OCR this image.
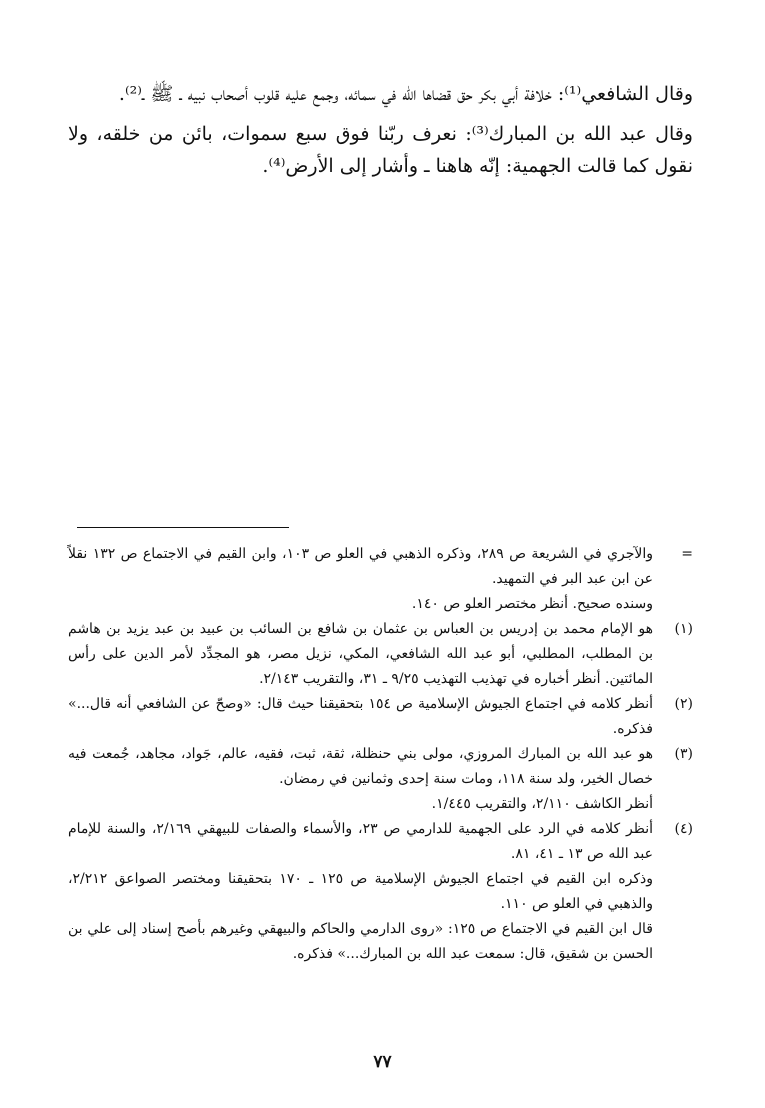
وقال الشافعي⁽¹⁾: خلافة أبي بكر حق قضاها الله في سمائه، وجمع عليه قلوب أصحاب نبيه ـ ﷺ ـ⁽²⁾.

وقال عبد الله بن المبارك⁽³⁾: نعرف ربّنا فوق سبع سموات، بائن من خلقه، ولا نقول كما قالت الجهمية: إنّه هاهنا ـ وأشار إلى الأرض⁽⁴⁾.

=
والآجري في الشريعة ص ٢٨٩، وذكره الذهبي في العلو ص ١٠٣، وابن القيم في الاجتماع ص ١٣٢ نقلاً عن ابن عبد البر في التمهيد.
وسنده صحيح. أنظر مختصر العلو ص ١٤٠.
(١)
هو الإمام محمد بن إدريس بن العباس بن عثمان بن شافع بن السائب بن عبيد بن عبد يزيد بن هاشم بن المطلب، المطلبي، أبو عبد الله الشافعي، المكي، نزيل مصر، هو المجدِّد لأمر الدين على رأس المائتين. أنظر أخباره في تهذيب التهذيب ٩/٢٥ ـ ٣١، والتقريب ٢/١٤٣.
(٢)
أنظر كلامه في اجتماع الجيوش الإسلامية ص ١٥٤ بتحقيقنا حيث قال: «وصحّ عن الشافعي أنه قال...» فذكره.
(٣)
هو عبد الله بن المبارك المروزي، مولى بني حنظلة، ثقة، ثبت، فقيه، عالم، جَواد، مجاهد، جُمعت فيه خصال الخير، ولد سنة ١١٨، ومات سنة إحدى وثمانين في رمضان.
أنظر الكاشف ٢/١١٠، والتقريب ١/٤٤٥.
(٤)
أنظر كلامه في الرد على الجهمية للدارمي ص ٢٣، والأسماء والصفات للبيهقي ٢/١٦٩، والسنة للإمام عبد الله ص ١٣ ـ ٤١، ٨١.
وذكره ابن القيم في اجتماع الجيوش الإسلامية ص ١٢٥ ـ ١٧٠ بتحقيقنا ومختصر الصواعق ٢/٢١٢، والذهبي في العلو ص ١١٠.
قال ابن القيم في الاجتماع ص ١٢٥: «روى الدارمي والحاكم والبيهقي وغيرهم بأصح إسناد إلى علي بن الحسن بن شقيق، قال: سمعت عبد الله بن المبارك...» فذكره.
٧٧
